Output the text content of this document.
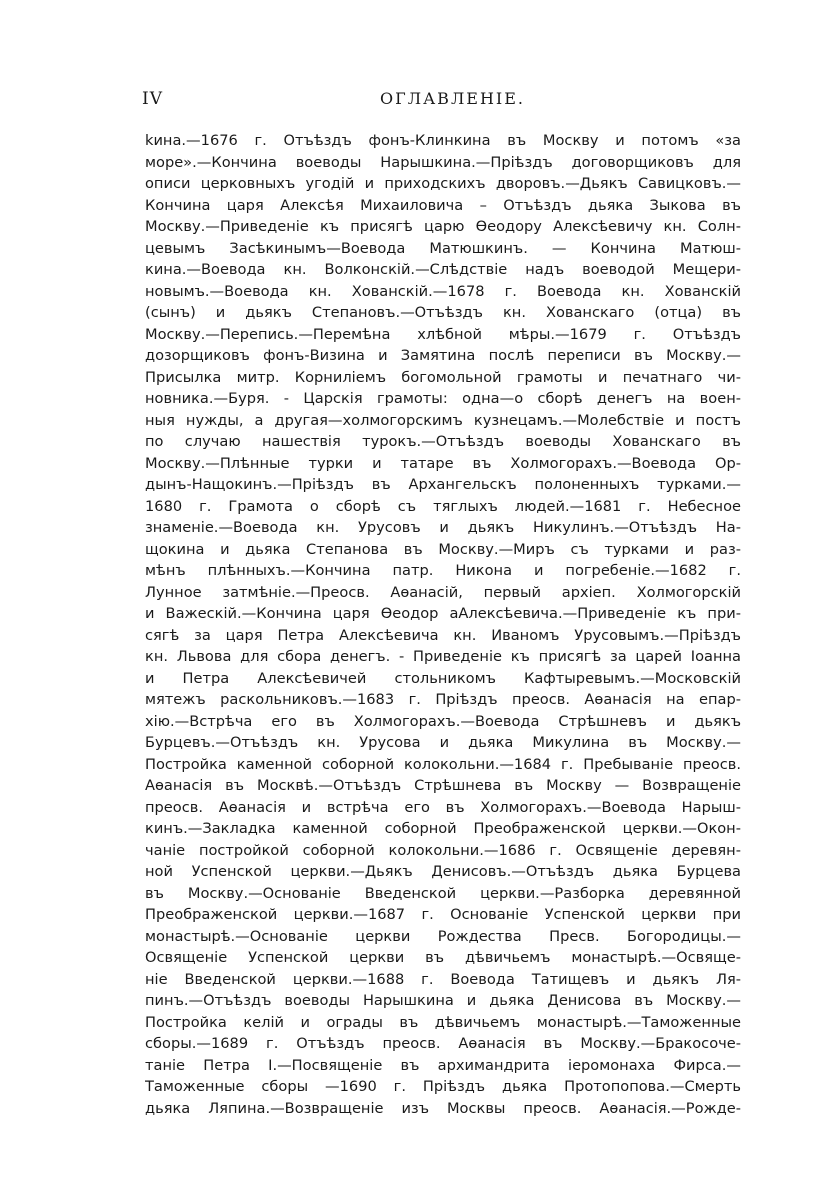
IV	ОГЛАВЛЕНІЕ.
kина.—1676 г. Отъѣздъ фонъ-Клинкина въ Москву и потомъ «за
море».—Кончина воеводы Нарышкина.—Пріѣздъ договорщиковъ для
описи церковныхъ угодій и приходскихъ дворовъ.—Дьякъ Савицковъ.—
Кончина царя Алексѣя Михаиловича – Отъѣздъ дьяка Зыкова въ
Москву.—Приведеніе къ присягѣ царю Ѳеодору Алексѣевичу кн. Солн-
цевымъ Засѣкинымъ—Воевода Матюшкинъ. — Кончина Матюш-
кина.—Воевода кн. Волконскій.—Слѣдствіе надъ воеводой Мещери-
новымъ.—Воевода кн. Хованскій.—1678 г. Воевода кн. Хованскій
(сынъ) и дьякъ Степановъ.—Отъѣздъ кн. Хованскаго (отца) въ
Москву.—Перепись.—Перемѣна хлѣбной мѣры.—1679 г. Отъѣздъ
дозорщиковъ фонъ-Визина и Замятина послѣ переписи въ Москву.—
Присылка митр. Корнилiемъ богомольной грамоты и печатнаго чи-
новника.—Буря. - Царскія грамоты: одна—о сборѣ денегъ на воен-
ныя нужды, а другая—холмогорскимъ кузнецамъ.—Молебствіе и постъ
по случаю нашествія турокъ.—Отъѣздъ воеводы Хованскаго въ
Москву.—Плѣнные турки и татаре въ Холмогорахъ.—Воевода Ор-
дынъ-Нащокинъ.—Пріѣздъ въ Архангельскъ полоненныхъ турками.—
1680 г. Грамота о сборѣ съ тяглыхъ людей.—1681 г. Небесное
знаменіе.—Воевода кн. Урусовъ и дьякъ Никулинъ.—Отъѣздъ На-
щокина и дьяка Степанова въ Москву.—Миръ съ турками и раз-
мѣнъ плѣнныхъ.—Кончина патр. Никона и погребеніе.—1682 г.
Лунное затмѣніе.—Преосв. Аѳанасій, первый архіеп. Холмогорскій
и Важескій.—Кончина царя Ѳеодор аАлексѣевича.—Приведеніе къ при-
сягѣ за царя Петра Алексѣевича кн. Иваномъ Урусовымъ.—Пріѣздъ
кн. Львова для сбора денегъ. - Приведеніе къ присягѣ за царей Іоанна
и Петра Алексѣевичей стольникомъ Кафтыревымъ.—Московскій
мятежъ раскольниковъ.—1683 г. Пріѣздъ преосв. Аѳанасія на епар-
хію.—Встрѣча его въ Холмогорахъ.—Воевода Стрѣшневъ и дьякъ
Бурцевъ.—Отъѣздъ кн. Урусова и дьяка Микулина въ Москву.—
Постройка каменной соборной колокольни.—1684 г. Пребываніе преосв.
Аѳанасія въ Москвѣ.—Отъѣздъ Стрѣшнева въ Москву — Возвращеніе
преосв. Аѳанасія и встрѣча его въ Холмогорахъ.—Воевода Нарыш-
кинъ.—Закладка каменной соборной Преображенской церкви.—Окон-
чаніе постройкой соборной колокольни.—1686 г. Освященіе деревян-
ной Успенской церкви.—Дьякъ Денисовъ.—Отъѣздъ дьяка Бурцева
въ Москву.—Основаніе Введенской церкви.—Разборка деревянной
Преображенской церкви.—1687 г. Основаніе Успенской церкви при
монастырѣ.—Основаніе церкви Рождества Пресв. Богородицы.—
Освященіе Успенской церкви въ дѣвичьемъ монастырѣ.—Освяще-
ніе Введенской церкви.—1688 г. Воевода Татищевъ и дьякъ Ля-
пинъ.—Отъѣздъ воеводы Нарышкина и дьяка Денисова въ Москву.—
Постройка келій и ограды въ дѣвичьемъ монастырѣ.—Таможенные
сборы.—1689 г. Отъѣздъ преосв. Аѳанасія въ Москву.—Бракосоче-
таніе Петра I.—Посвященіе въ архимандрита іеромонаха Фирса.—
Таможенные сборы —1690 г. Пріѣздъ дьяка Протопопова.—Смерть
дьяка Ляпина.—Возвращеніе изъ Москвы преосв. Аѳанасія.—Рожде-
